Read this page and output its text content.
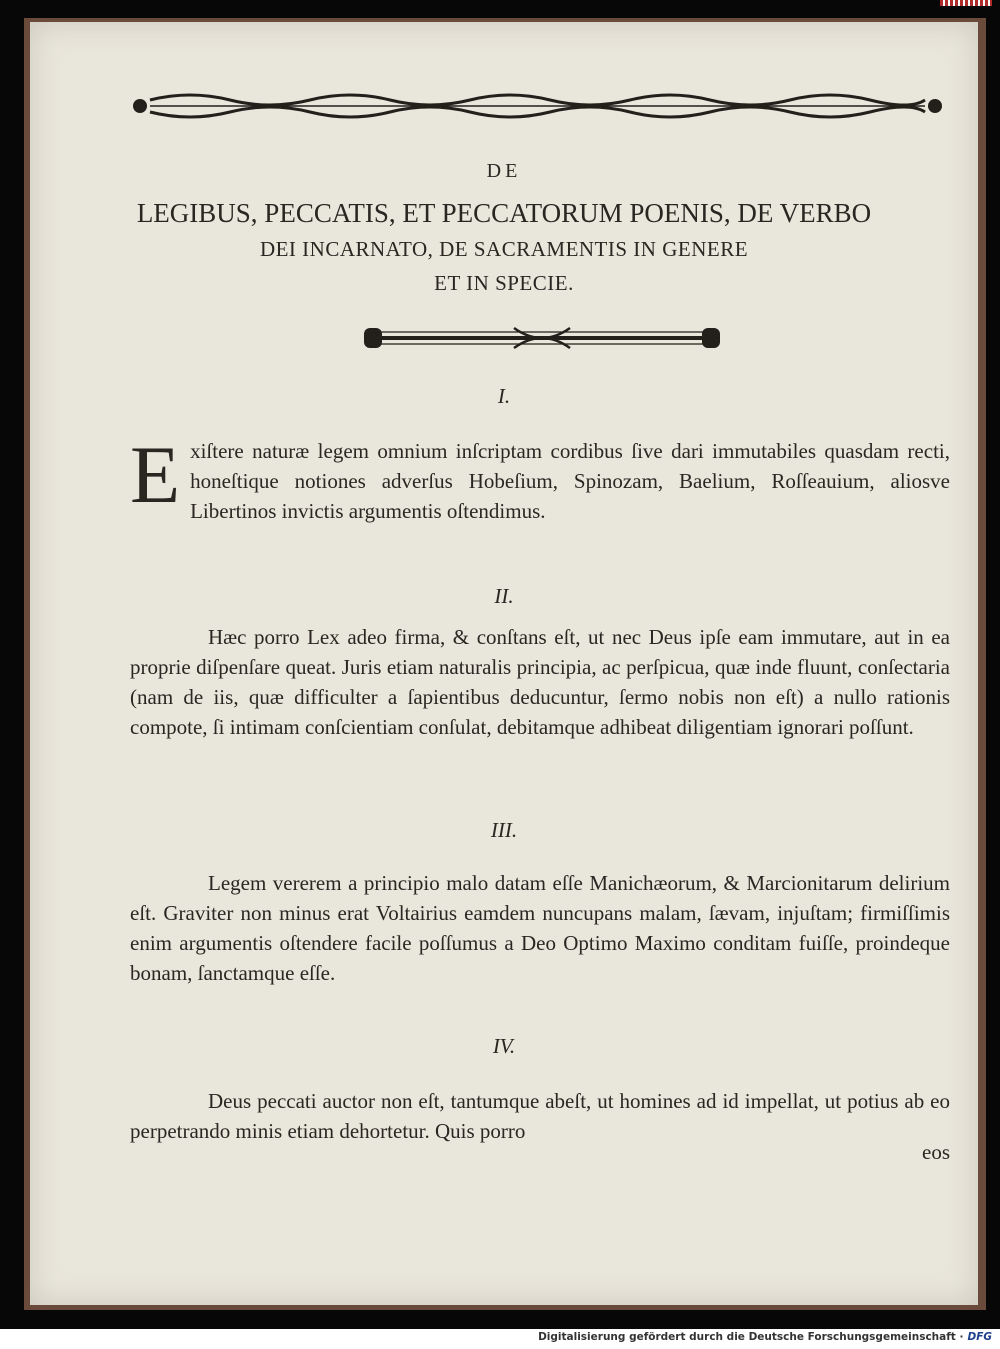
DE
LEGIBUS, PECCATIS, ET PECCATORUM POENIS, DE VERBO
DEI INCARNATO, DE SACRAMENTIS IN GENERE
ET IN SPECIE.
I.

Exiſtere naturæ legem omnium inſcriptam cordibus ſive dari immutabiles quasdam recti, honeſtique notiones adverſus Hobeſium, Spinozam, Baelium, Roſſeauium, aliosve Libertinos invictis argumentis oſtendimus.

II.

Hæc porro Lex adeo firma, & conſtans eſt, ut nec Deus ipſe eam immutare, aut in ea proprie diſpenſare queat. Juris etiam naturalis principia, ac perſpicua, quæ inde fluunt, conſectaria (nam de iis, quæ difficulter a ſapientibus deducuntur, ſermo nobis non eſt) a nullo rationis compote, ſi intimam conſcientiam conſulat, debitamque adhibeat diligentiam ignorari poſſunt.

III.

Legem vererem a principio malo datam eſſe Manichæorum, & Marcionitarum delirium eſt. Graviter non minus erat Voltairius eamdem nuncupans malam, ſævam, injuſtam; firmiſſimis enim argumentis oſtendere facile poſſumus a Deo Optimo Maximo conditam fuiſſe, proindeque bonam, ſanctamque eſſe.

IV.

Deus peccati auctor non eſt, tantumque abeſt, ut homines ad id impellat, ut potius ab eo perpetrando minis etiam dehortetur. Quis porro

eos
Digitalisierung gefördert durch die Deutsche Forschungsgemeinschaft · DFG
